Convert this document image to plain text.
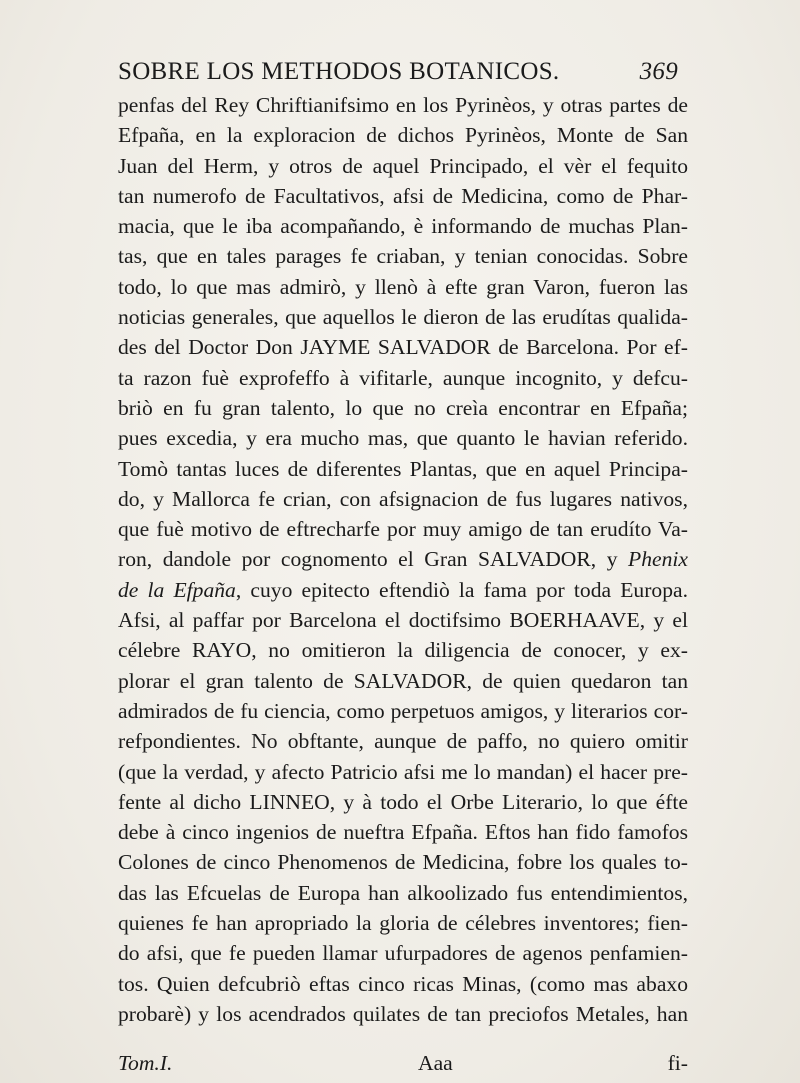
SOBRE LOS METHODOS BOTANICOS.	369
penfas del Rey Chriftianifsimo en los Pyrinèos, y otras partes de
Efpaña, en la exploracion de dichos Pyrinèos, Monte de San
Juan del Herm, y otros de aquel Principado, el vèr el fequito
tan numerofo de Facultativos, afsi de Medicina, como de Phar-
macia, que le iba acompañando, è informando de muchas Plan-
tas, que en tales parages fe criaban, y tenian conocidas. Sobre
todo, lo que mas admirò, y llenò à efte gran Varon, fueron las
noticias generales, que aquellos le dieron de las erudítas qualida-
des del Doctor Don JAYME SALVADOR de Barcelona. Por ef-
ta razon fuè exprofeffo à vifitarle, aunque incognito, y defcu-
briò en fu gran talento, lo que no creìa encontrar en Efpaña;
pues excedia, y era mucho mas, que quanto le havian referido.
Tomò tantas luces de diferentes Plantas, que en aquel Principa-
do, y Mallorca fe crian, con afsignacion de fus lugares nativos,
que fuè motivo de eftrecharfe por muy amigo de tan erudíto Va-
ron, dandole por cognomento el Gran SALVADOR, y Phenix
de la Efpaña, cuyo epitecto eftendiò la fama por toda Europa.
Afsi, al paffar por Barcelona el doctifsimo BOERHAAVE, y el
célebre RAYO, no omitieron la diligencia de conocer, y ex-
plorar el gran talento de SALVADOR, de quien quedaron tan
admirados de fu ciencia, como perpetuos amigos, y literarios cor-
refpondientes. No obftante, aunque de paffo, no quiero omitir
(que la verdad, y afecto Patricio afsi me lo mandan) el hacer pre-
fente al dicho LINNEO, y à todo el Orbe Literario, lo que éfte
debe à cinco ingenios de nueftra Efpaña. Eftos han fido famofos
Colones de cinco Phenomenos de Medicina, fobre los quales to-
das las Efcuelas de Europa han alkoolizado fus entendimientos,
quienes fe han apropriado la gloria de célebres inventores; fien-
do afsi, que fe pueden llamar ufurpadores de agenos penfamien-
tos. Quien defcubriò eftas cinco ricas Minas, (como mas abaxo
probarè) y los acendrados quilates de tan preciofos Metales, han
Tom.I.	Aaa	fi-
